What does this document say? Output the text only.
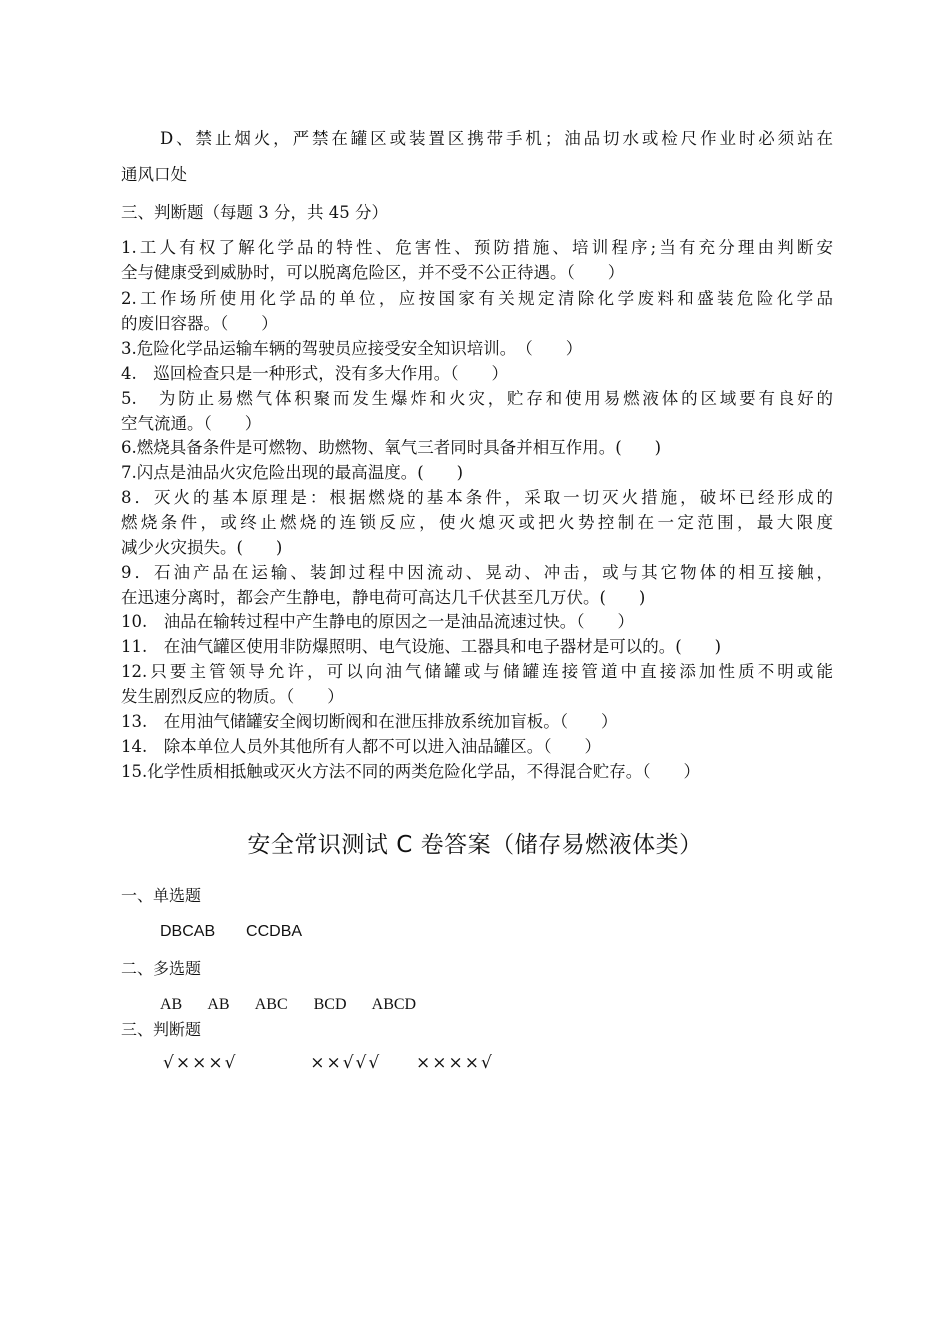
D、禁止烟火，严禁在罐区或装置区携带手机；油品切水或检尺作业时必须站在
通风口处
三、判断题（每题 3 分，共 45 分）
1.工人有权了解化学品的特性、危害性、预防措施、培训程序;当有充分理由判断安
全与健康受到威胁时，可以脱离危险区，并不受不公正待遇。（　　）
2.工作场所使用化学品的单位，应按国家有关规定清除化学废料和盛装危险化学品
的废旧容器。（　　）
3.危险化学品运输车辆的驾驶员应接受安全知识培训。　（　　）
4.　巡回检查只是一种形式，没有多大作用。（　　）
5.　为防止易燃气体积聚而发生爆炸和火灾，贮存和使用易燃液体的区域要有良好的
空气流通。（　　）
6.燃烧具备条件是可燃物、助燃物、氧气三者同时具备并相互作用。(　　)
7.闪点是油品火灾危险出现的最高温度。(　　)
8．灭火的基本原理是：根据燃烧的基本条件，采取一切灭火措施，破坏已经形成的
燃烧条件，或终止燃烧的连锁反应，使火熄灭或把火势控制在一定范围，最大限度
减少火灾损失。(　　)
9．石油产品在运输、装卸过程中因流动、晃动、冲击，或与其它物体的相互接触，
在迅速分离时，都会产生静电，静电荷可高达几千伏甚至几万伏。(　　)
10.　油品在输转过程中产生静电的原因之一是油品流速过快。（　　）
11.　在油气罐区使用非防爆照明、电气设施、工器具和电子器材是可以的。(　　)
12.只要主管领导允许，可以向油气储罐或与储罐连接管道中直接添加性质不明或能
发生剧烈反应的物质。（　　）
13.　在用油气储罐安全阀切断阀和在泄压排放系统加盲板。（　　）
14.　除本单位人员外其他所有人都不可以进入油品罐区。（　　）
15.化学性质相抵触或灭火方法不同的两类危险化学品，不得混合贮存。（　　）
安全常识测试 C 卷答案（储存易燃液体类）
一、单选题
DBCAB CCDBA
二、多选题
AB AB ABC BCD ABCD
三、判断题
√×××√	××√√√ ××××√
